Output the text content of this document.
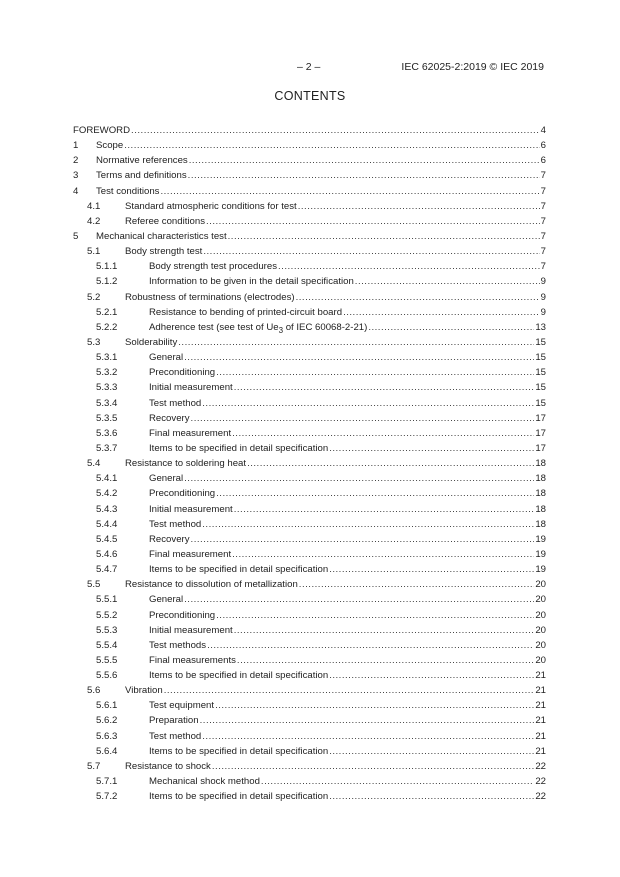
– 2 –	IEC 62025-2:2019 © IEC 2019
CONTENTS
FOREWORD .....	4
1 Scope .....	6
2 Normative references .....	6
3 Terms and definitions .....	7
4 Test conditions .....	7
4.1	Standard atmospheric conditions for test .....	7
4.2	Referee conditions .....	7
5 Mechanical characteristics test .....	7
5.1	Body strength test .....	7
5.1.1	Body strength test procedures .....	7
5.1.2	Information to be given in the detail specification .....	9
5.2	Robustness of terminations (electrodes) .....	9
5.2.1	Resistance to bending of printed-circuit board .....	9
5.2.2	Adherence test (see test of $Ue_3$ of IEC 60068-2-21) .....	13
5.3	Solderability .....	15
5.3.1	General .....	15
5.3.2	Preconditioning .....	15
5.3.3	Initial measurement .....	15
5.3.4	Test method .....	15
5.3.5	Recovery .....	17
5.3.6	Final measurement .....	17
5.3.7	Items to be specified in detail specification .....	17
5.4	Resistance to soldering heat .....	18
5.4.1	General .....	18
5.4.2	Preconditioning .....	18
5.4.3	Initial measurement .....	18
5.4.4	Test method .....	18
5.4.5	Recovery .....	19
5.4.6	Final measurement .....	19
5.4.7	Items to be specified in detail specification .....	19
5.5	Resistance to dissolution of metallization .....	20
5.5.1	General .....	20
5.5.2	Preconditioning .....	20
5.5.3	Initial measurement .....	20
5.5.4	Test methods .....	20
5.5.5	Final measurements .....	20
5.5.6	Items to be specified in detail specification .....	21
5.6	Vibration .....	21
5.6.1	Test equipment .....	21
5.6.2	Preparation .....	21
5.6.3	Test method .....	21
5.6.4	Items to be specified in detail specification .....	21
5.7	Resistance to shock .....	22
5.7.1	Mechanical shock method .....	22
5.7.2	Items to be specified in detail specification .....	22
